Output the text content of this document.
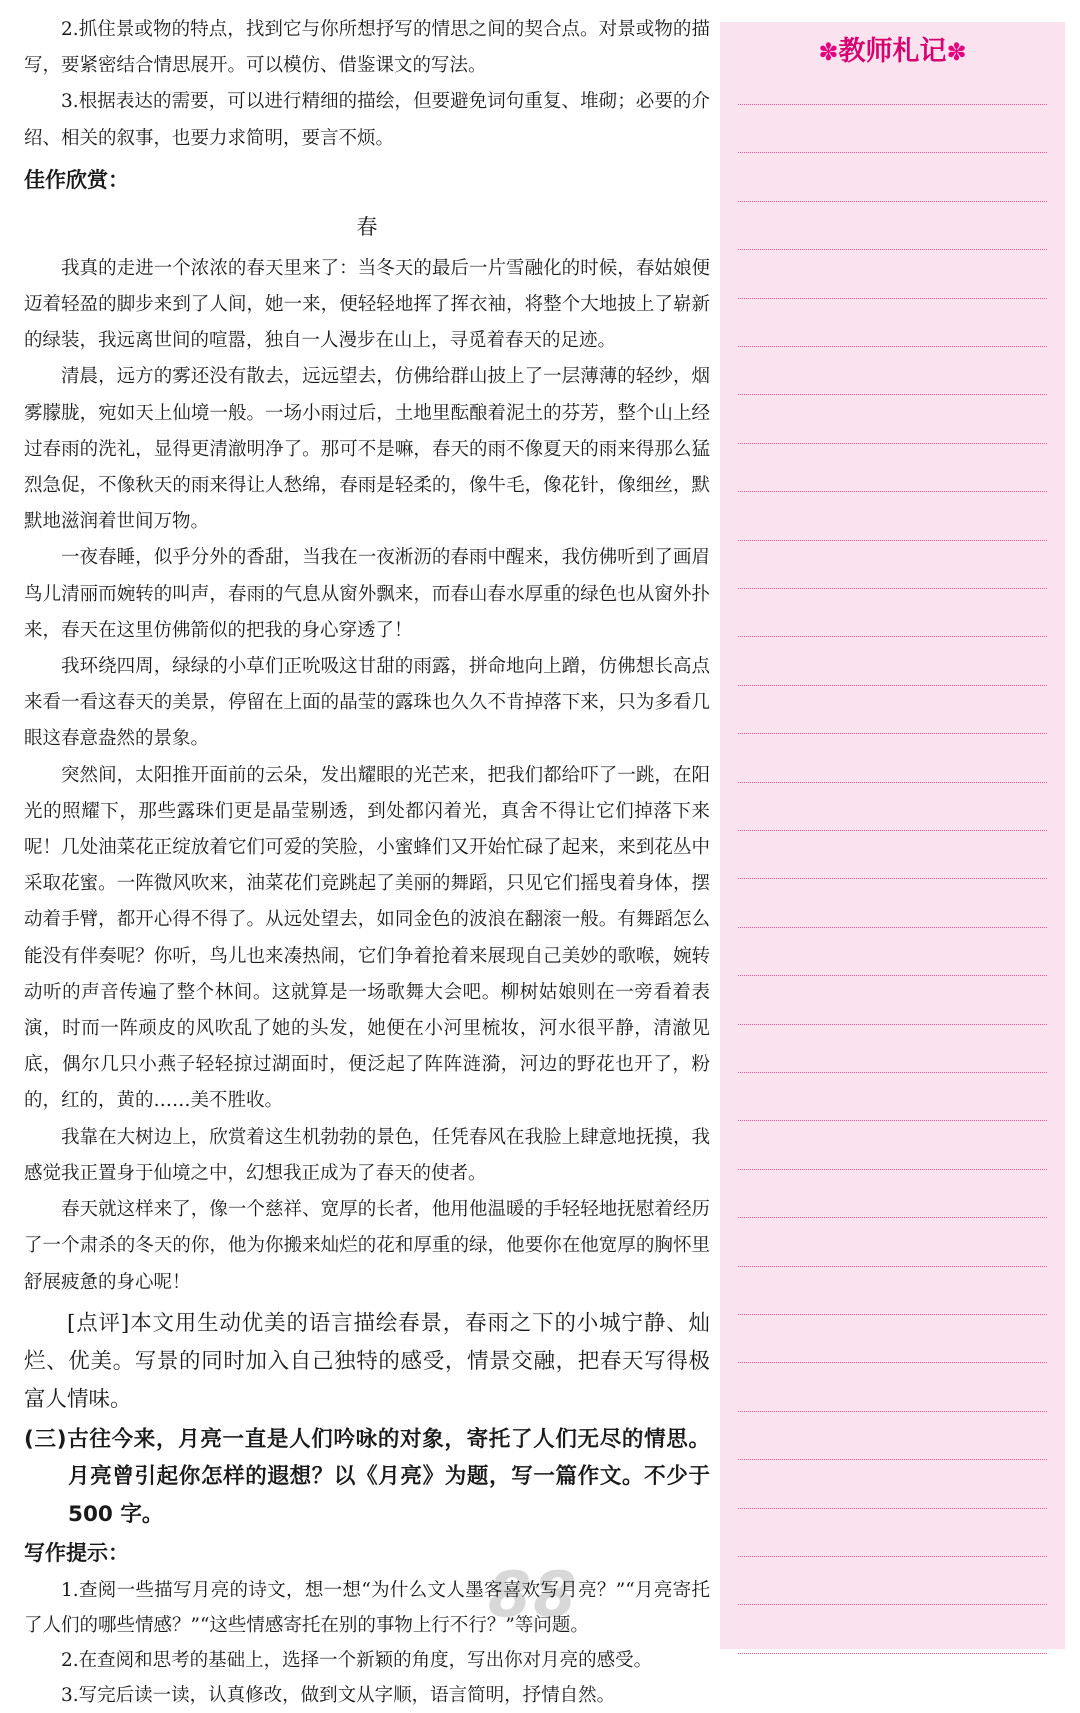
2.抓住景或物的特点，找到它与你所想抒写的情思之间的契合点。对景或物的描写，要紧密结合情思展开。可以模仿、借鉴课文的写法。

3.根据表达的需要，可以进行精细的描绘，但要避免词句重复、堆砌；必要的介绍、相关的叙事，也要力求简明，要言不烦。

佳作欣赏：

春

我真的走进一个浓浓的春天里来了：当冬天的最后一片雪融化的时候，春姑娘便迈着轻盈的脚步来到了人间，她一来，便轻轻地挥了挥衣袖，将整个大地披上了崭新的绿装，我远离世间的喧嚣，独自一人漫步在山上，寻觅着春天的足迹。

清晨，远方的雾还没有散去，远远望去，仿佛给群山披上了一层薄薄的轻纱，烟雾朦胧，宛如天上仙境一般。一场小雨过后，土地里酝酿着泥土的芬芳，整个山上经过春雨的洗礼，显得更清澈明净了。那可不是嘛，春天的雨不像夏天的雨来得那么猛烈急促，不像秋天的雨来得让人愁绵，春雨是轻柔的，像牛毛，像花针，像细丝，默默地滋润着世间万物。

一夜春睡，似乎分外的香甜，当我在一夜淅沥的春雨中醒来，我仿佛听到了画眉鸟儿清丽而婉转的叫声，春雨的气息从窗外飘来，而春山春水厚重的绿色也从窗外扑来，春天在这里仿佛箭似的把我的身心穿透了！

我环绕四周，绿绿的小草们正吮吸这甘甜的雨露，拼命地向上蹭，仿佛想长高点来看一看这春天的美景，停留在上面的晶莹的露珠也久久不肯掉落下来，只为多看几眼这春意盎然的景象。

突然间，太阳推开面前的云朵，发出耀眼的光芒来，把我们都给吓了一跳，在阳光的照耀下，那些露珠们更是晶莹剔透，到处都闪着光，真舍不得让它们掉落下来呢！几处油菜花正绽放着它们可爱的笑脸，小蜜蜂们又开始忙碌了起来，来到花丛中采取花蜜。一阵微风吹来，油菜花们竞跳起了美丽的舞蹈，只见它们摇曳着身体，摆动着手臂，都开心得不得了。从远处望去，如同金色的波浪在翻滚一般。有舞蹈怎么能没有伴奏呢？你听，鸟儿也来凑热闹，它们争着抢着来展现自己美妙的歌喉，婉转动听的声音传遍了整个林间。这就算是一场歌舞大会吧。柳树姑娘则在一旁看着表演，时而一阵顽皮的风吹乱了她的头发，她便在小河里梳妆，河水很平静，清澈见底，偶尔几只小燕子轻轻掠过湖面时，便泛起了阵阵涟漪，河边的野花也开了，粉的，红的，黄的……美不胜收。

我靠在大树边上，欣赏着这生机勃勃的景色，任凭春风在我脸上肆意地抚摸，我感觉我正置身于仙境之中，幻想我正成为了春天的使者。

春天就这样来了，像一个慈祥、宽厚的长者，他用他温暖的手轻轻地抚慰着经历了一个肃杀的冬天的你，他为你搬来灿烂的花和厚重的绿，他要你在他宽厚的胸怀里舒展疲惫的身心呢！

[点评]本文用生动优美的语言描绘春景，春雨之下的小城宁静、灿烂、优美。写景的同时加入自己独特的感受，情景交融，把春天写得极富人情味。

(三)古往今来，月亮一直是人们吟咏的对象，寄托了人们无尽的情思。月亮曾引起你怎样的遐想？以《月亮》为题，写一篇作文。不少于 500 字。

写作提示：

1.查阅一些描写月亮的诗文，想一想“为什么文人墨客喜欢写月亮？”“月亮寄托了人们的哪些情感？”“这些情感寄托在别的事物上行不行？”等问题。

2.在查阅和思考的基础上，选择一个新颖的角度，写出你对月亮的感受。

3.写完后读一读，认真修改，做到文从字顺，语言简明，抒情自然。

88
✽教师札记✽
